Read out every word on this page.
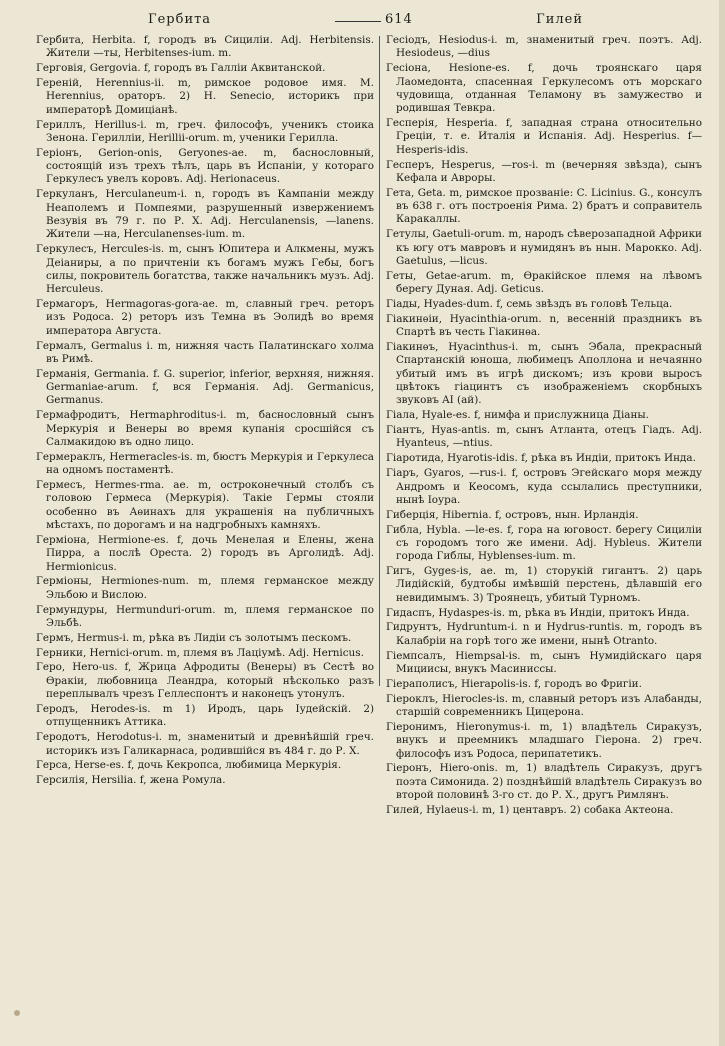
Гербита	614	Гилей
Гербита, Herbita. f, городъ въ Сициліи. Adj. Herbitensis. Жители —ты, Herbitenses-ium. m.
Герговія, Gergovia. f, городъ въ Галліи Аквитанской.
Гереній, Herennius-ii. m, римское родовое имя. M. Herennius, ораторъ. 2) H. Senecio, историкъ при императорѣ Домиціанѣ.
Гериллъ, Herillus-i. m, греч. философъ, ученикъ стоика Зенона. Герилліи, Herillii-orum. m, ученики Герилла.
Геріонъ, Gerion-onis, Geryones-ae. m, баснословный, состоящій изъ трехъ тѣлъ, царь въ Испаніи, у котораго Геркулесъ увелъ коровъ. Adj. Herionaceus.
Геркуланъ, Herculaneum-i. n, городъ въ Кампаніи между Неаполемъ и Помпеями, разрушенный извержениемъ Везувія въ 79 г. по Р. Х. Adj. Herculanensis, —lanens. Жители —на, Herculanenses-ium. m.
Геркулесъ, Hercules-is. m, сынъ Юпитера и Алкмены, мужъ Деіаниры, а по причтеніи къ богамъ мужъ Гебы, богъ силы, покровитель богатства, также начальникъ музъ. Adj. Herculeus.
Гермагоръ, Hermagoras-gora-ae. m, славный греч. реторъ изъ Родоса. 2) реторъ изъ Темна въ Эолидѣ во время императора Августа.
Гермалъ, Germalus i. m, нижняя часть Палатинскаго холма въ Римѣ.
Германія, Germania. f. G. superior, inferior, верхняя, нижняя. Germaniae-arum. f, вся Германія. Adj. Germanicus, Germanus.
Гермафродитъ, Hermaphroditus-i. m, баснословный сынъ Меркурія и Венеры во время купанія сросшійся съ Салмакидою въ одно лицо.
Гермераклъ, Hermeracles-is. m, бюстъ Меркурія и Геркулеса на одномъ постаментѣ.
Гермесъ, Hermes-rma. ae. m, остроконечный столбъ съ головою Гермеса (Меркурія). Такіе Гермы стояли особенно въ Аѳинахъ для украшенія на публичныхъ мѣстахъ, по дорогамъ и на надгробныхъ камняхъ.
Герміона, Hermione-es. f, дочь Менелая и Елены, жена Пирра, а послѣ Ореста. 2) городъ въ Арголидѣ. Adj. Hermionicus.
Герміоны, Hermiones-num. m, племя германское между Эльбою и Вислою.
Гермундуры, Hermunduri-orum. m, племя германское по Эльбѣ.
Гермъ, Hermus-i. m, рѣка въ Лидіи съ золотымъ пескомъ.
Герники, Hernici-orum. m, племя въ Лаціумѣ. Adj. Hernicus.
Геро, Hero-us. f, Жрица Афродиты (Венеры) въ Сестѣ во Ѳракіи, любовница Леандра, который нѣсколько разъ переплывалъ чрезъ Геллеспонтъ и наконецъ утонулъ.
Геродъ, Herodes-is. m 1) Иродъ, царь Іудейскій. 2) отпущенникъ Аттика.
Геродотъ, Herodotus-i. m, знаменитый и древнѣйшій греч. историкъ изъ Галикарнаса, родившійся въ 484 г. до Р. Х.
Герса, Herse-es. f, дочь Кекропса, любимица Меркурія.
Герсилія, Hersilia. f, жена Ромула.
Гесіодъ, Hesiodus-i. m, знаменитый греч. поэтъ. Adj. Hesiodeus, —dius
Гесіона, Hesione-es. f, дочь троянскаго царя Лаомедонта, спасенная Геркулесомъ отъ морскаго чудовища, отданная Теламону въ замужество и родившая Тевкра.
Гесперія, Hesperia. f, западная страна относительно Греціи, т. е. Италія и Испанія. Adj. Hesperius. f—Hesperis-idis.
Гесперъ, Hesperus, —ros-i. m (вечерняя звѣзда), сынъ Кефала и Авроры.
Гета, Geta. m, римское прозваніе: C. Licinius. G., консулъ въ 638 г. отъ построенія Рима. 2) братъ и соправитель Каракаллы.
Гетулы, Gaetuli-orum. m, народъ сѣверозападной Африки къ югу отъ мавровъ и нумидянъ въ нын. Марокко. Adj. Gaetulus, —licus.
Геты, Getae-arum. m, Ѳракійское племя на лѣвомъ берегу Дуная. Adj. Geticus.
Гіады, Hyades-dum. f, семь звѣздъ въ головѣ Тельца.
Гіакинѳіи, Hyacinthia-orum. n, весенній праздникъ въ Спартѣ въ честь Гіакинѳа.
Гіакинѳъ, Hyacinthus-i. m, сынъ Эбала, прекрасный Спартанскій юноша, любимецъ Аполлона и нечаянно убитый имъ въ игрѣ дискомъ; изъ крови выросъ цвѣтокъ гіацинтъ съ изображеніемъ скорбныхъ звуковъ AI (ай).
Гіала, Hyale-es. f, нимфа и прислужница Діаны.
Гіантъ, Hyas-antis. m, сынъ Атланта, отецъ Гіадъ. Adj. Hyanteus, —ntius.
Гіаротида, Hyarotis-idis. f, рѣка въ Индіи, притокъ Инда.
Гіаръ, Gyaros, —rus-i. f, островъ Эгейскаго моря между Андромъ и Кеосомъ, куда ссылались преступники, нынѣ Іоура.
Гиберція, Hibernia. f, островъ, нын. Ирландія.
Гибла, Hybla. —le-es. f, гора на юговост. берегу Сициліи съ городомъ того же имени. Adj. Hybleus. Жители города Гиблы, Hyblenses-ium. m.
Гигъ, Gyges-is, ae. m, 1) сторукій гигантъ. 2) царь Лидійскій, будтобы имѣвшій перстень, дѣлавшій его невидимымъ. 3) Троянецъ, убитый Турномъ.
Гидаспъ, Hydaspes-is. m, рѣка въ Индіи, притокъ Инда.
Гидрунтъ, Hydruntum-i. n и Hydrus-runtis. m, городъ въ Калабріи на горѣ того же имени, нынѣ Otranto.
Гіемпсалъ, Hiempsal-is. m, сынъ Нумидійскаго царя Мициисы, внукъ Масиниссы.
Гіераполисъ, Hierapolis-is. f, городъ во Фригіи.
Гіероклъ, Hierocles-is. m, славный реторъ изъ Алабанды, старшій современникъ Цицерона.
Гіеронимъ, Hieronymus-i. m, 1) владѣтель Сиракузъ, внукъ и преемникъ младшаго Гіерона. 2) греч. философъ изъ Родоса, перипатетикъ.
Гіеронъ, Hiero-onis. m, 1) владѣтель Сиракузъ, другъ поэта Симонида. 2) позднѣйшій владѣтель Сиракузъ во второй половинѣ 3-го ст. до Р. Х., другъ Римлянъ.
Гилей, Hylaeus-i. m, 1) центавръ. 2) собака Актеона.
